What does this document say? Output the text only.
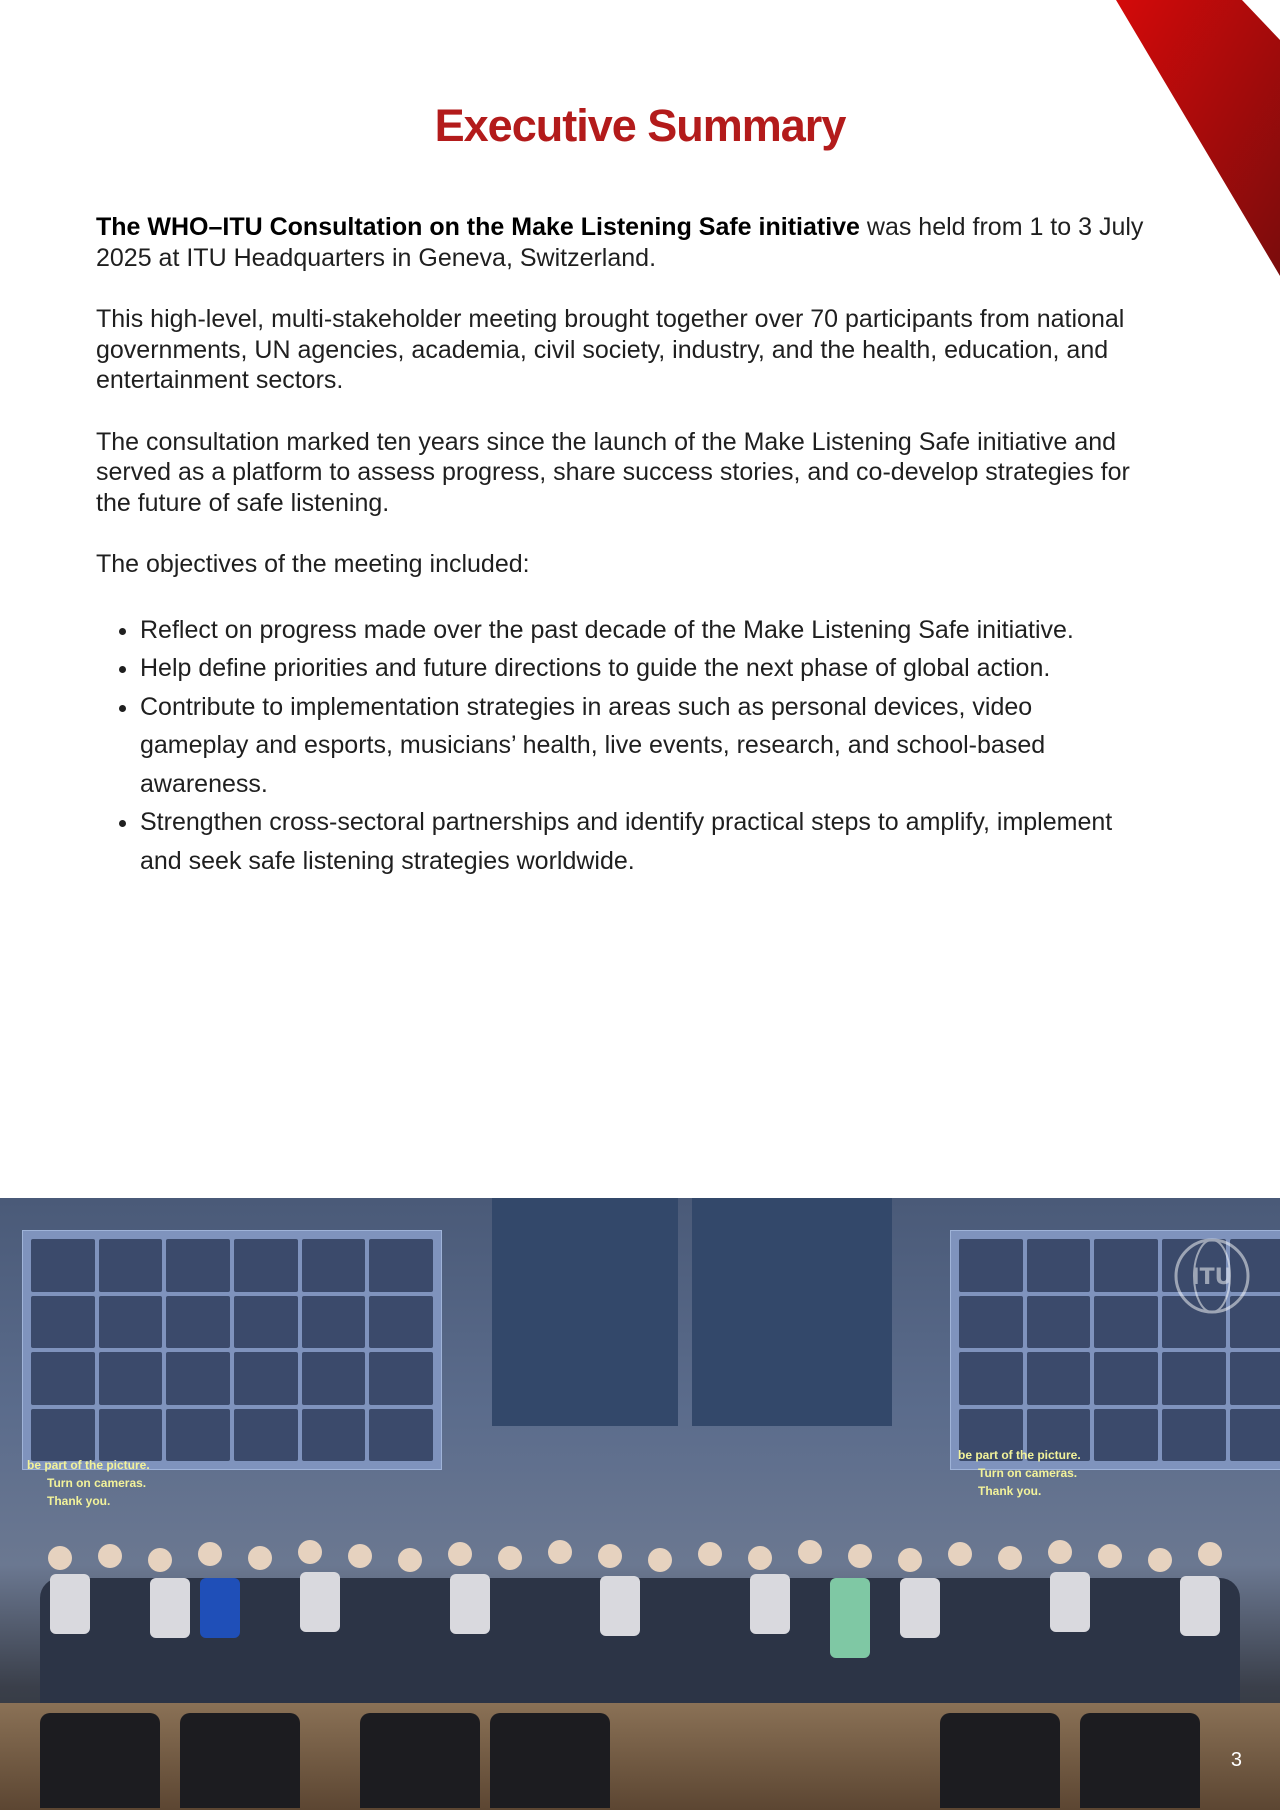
Executive Summary

The WHO–ITU Consultation on the Make Listening Safe initiative was held from 1 to 3 July 2025 at ITU Headquarters in Geneva, Switzerland.

This high-level, multi-stakeholder meeting brought together over 70 participants from national governments, UN agencies, academia, civil society, industry, and the health, education, and entertainment sectors.

The consultation marked ten years since the launch of the Make Listening Safe initiative and served as a platform to assess progress, share success stories, and co-develop strategies for the future of safe listening.

The objectives of the meeting included:

• Reflect on progress made over the past decade of the Make Listening Safe initiative.
• Help define priorities and future directions to guide the next phase of global action.
• Contribute to implementation strategies in areas such as personal devices, video gameplay and esports, musicians’ health, live events, research, and school-based awareness.
• Strengthen cross-sectoral partnerships and identify practical steps to amplify, implement and seek safe listening strategies worldwide.
be part of the picture.
Turn on cameras.
Thank you.
be part of the picture.
Turn on cameras.
Thank you.
ITU
3
